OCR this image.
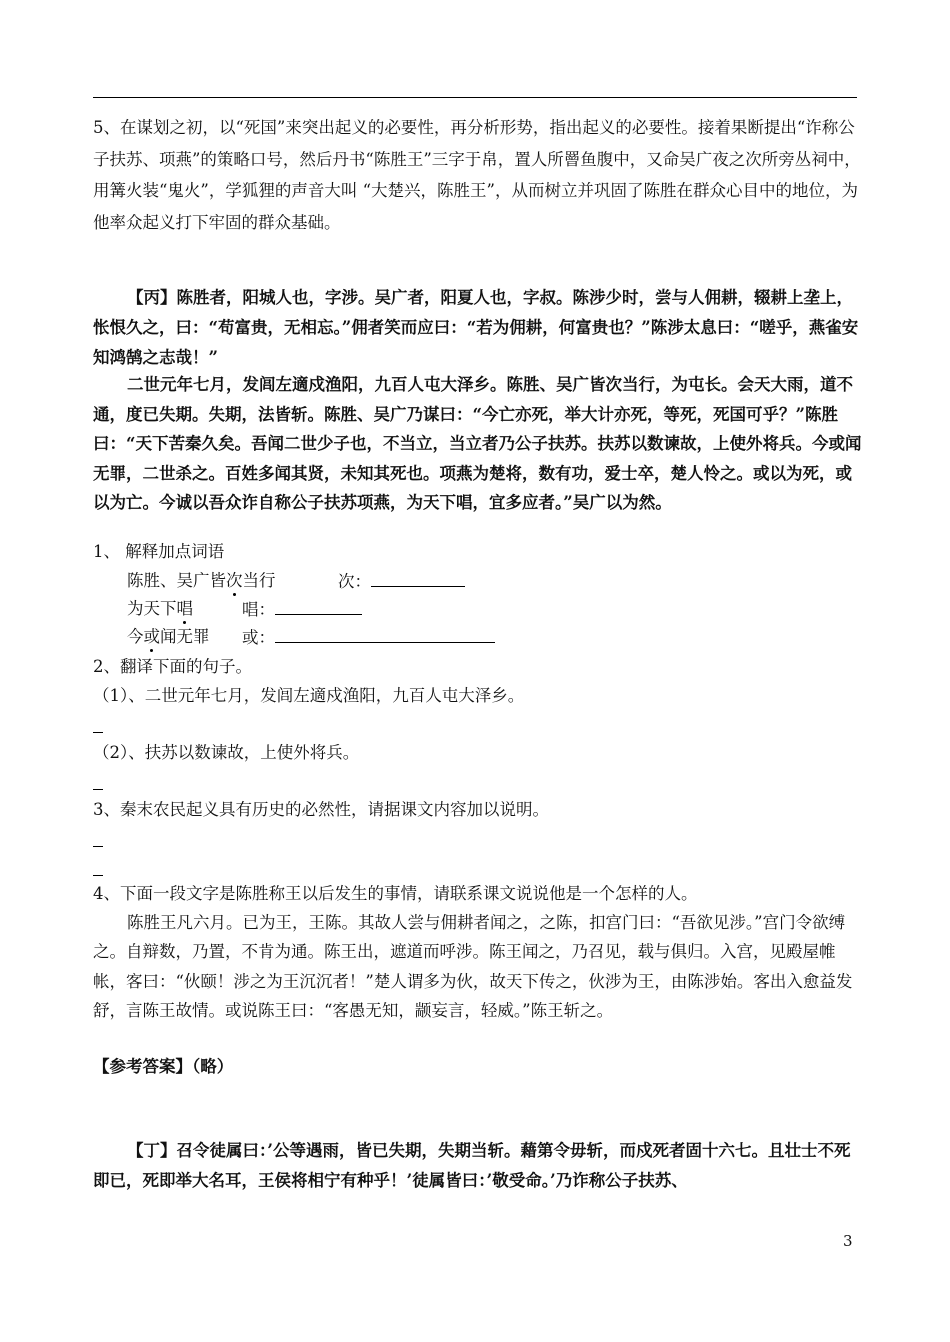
5、在谋划之初，以“死国”来突出起义的必要性，再分析形势，指出起义的必要性。接着果断提出“诈称公子扶苏、项燕”的策略口号，然后丹书“陈胜王”三字于帛，置人所罾鱼腹中，又命吴广夜之次所旁丛祠中，用篝火装“鬼火”，学狐狸的声音大叫 “大楚兴，陈胜王”，从而树立并巩固了陈胜在群众心目中的地位，为他率众起义打下牢固的群众基础。

【丙】陈胜者，阳城人也，字涉。吴广者，阳夏人也，字叔。陈涉少时，尝与人佣耕，辍耕上垄上，怅恨久之，曰：“苟富贵，无相忘。”佣者笑而应曰：“若为佣耕，何富贵也？”陈涉太息曰：“嗟乎，燕雀安知鸿鹄之志哉！”

二世元年七月，发闾左適戍渔阳，九百人屯大泽乡。陈胜、吴广皆次当行，为屯长。会天大雨，道不通，度已失期。失期，法皆斩。陈胜、吴广乃谋曰：“今亡亦死，举大计亦死，等死，死国可乎？”陈胜曰：“天下苦秦久矣。吾闻二世少子也，不当立，当立者乃公子扶苏。扶苏以数谏故，上使外将兵。今或闻无罪，二世杀之。百姓多闻其贤，未知其死也。项燕为楚将，数有功，爱士卒，楚人怜之。或以为死，或以为亡。今诚以吾众诈自称公子扶苏项燕，为天下唱，宜多应者。”吴广以为然。

1、 解释加点词语
陈胜、吴广皆次当行	次：
为天下唱	唱：
今或闻无罪 或：
2、翻译下面的句子。
（1）、二世元年七月，发闾左適戍渔阳，九百人屯大泽乡。
（2）、扶苏以数谏故，上使外将兵。
3、秦末农民起义具有历史的必然性，请据课文内容加以说明。
4、下面一段文字是陈胜称王以后发生的事情，请联系课文说说他是一个怎样的人。

陈胜王凡六月。已为王，王陈。其故人尝与佣耕者闻之，之陈，扣宫门曰：“吾欲见涉。”宫门令欲缚之。自辩数，乃置，不肯为通。陈王出，遮道而呼涉。陈王闻之，乃召见，载与俱归。入宫，见殿屋帷帐，客曰：“伙颐！涉之为王沉沉者！”楚人谓多为伙，故天下传之，伙涉为王，由陈涉始。客出入愈益发舒，言陈王故情。或说陈王曰：“客愚无知，颛妄言，轻威。”陈王斩之。

【参考答案】（略）

【丁】召令徒属曰：’公等遇雨，皆已失期，失期当斩。藉第令毋斩，而戍死者固十六七。且壮士不死即已，死即举大名耳，王侯将相宁有种乎！’徒属皆曰：’敬受命。’乃诈称公子扶苏、

3
